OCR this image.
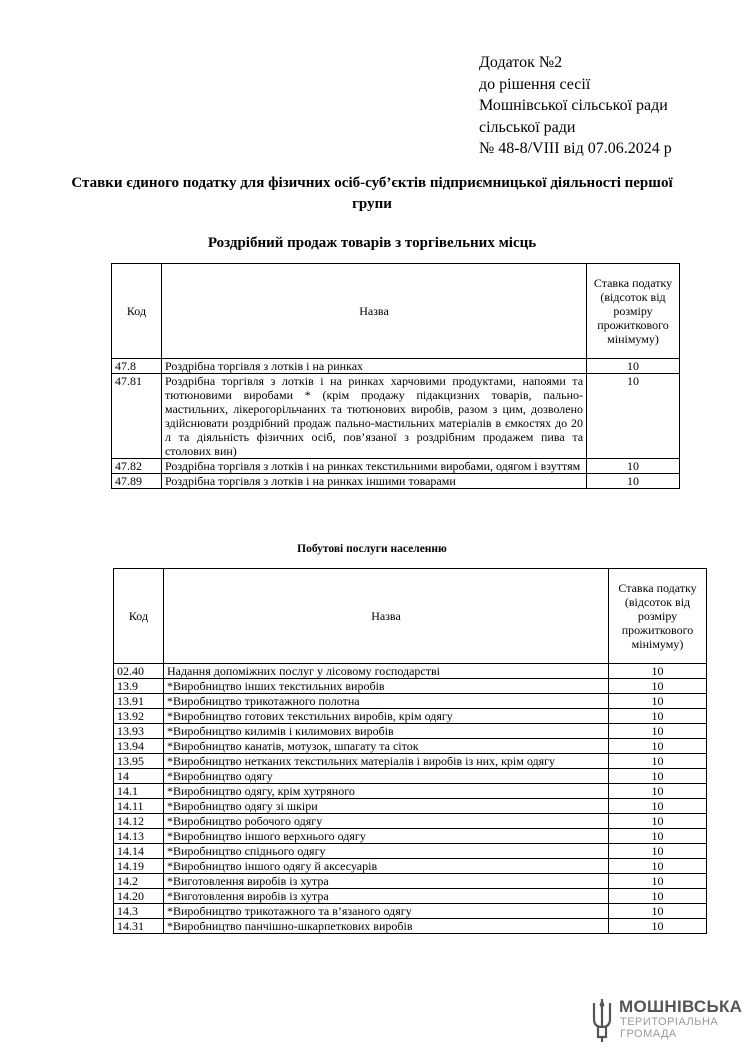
Додаток №2
до рішення сесії
Мошнівської сільської ради
сільської ради
№ 48-8/VIII від 07.06.2024 р
Ставки єдиного податку для фізичних осіб-суб’єктів підприємницької діяльності першої групи
Роздрібний продаж товарів з торгівельних місць
Код	Назва	Ставка податку (відсоток від розміру прожиткового мінімуму)
47.8	Роздрібна торгівля з лотків і на ринках	10
47.81	Роздрібна торгівля з лотків і на ринках харчовими продуктами, напоями та тютюновими виробами * (крім продажу підакцизних товарів, пально-мастильних, лікерогорільчаних та тютюнових виробів, разом з цим, дозволено здійснювати роздрібний продаж пально-мастильних матеріалів в ємкостях до 20 л та діяльність фізичних осіб, пов’язаної з роздрібним продажем пива та столових вин)	10
47.82	Роздрібна торгівля з лотків і на ринках текстильними виробами, одягом і взуттям	10
47.89	Роздрібна торгівля з лотків і на ринках іншими товарами	10
Побутові послуги населенню
Код	Назва	Ставка податку (відсоток від розміру прожиткового мінімуму)
02.40	Надання допоміжних послуг у лісовому господарстві	10
13.9	*Виробництво інших текстильних виробів	10
13.91	*Виробництво трикотажного полотна	10
13.92	*Виробництво готових текстильних виробів, крім одягу	10
13.93	*Виробництво килимів і килимових виробів	10
13.94	*Виробництво канатів, мотузок, шпагату та сіток	10
13.95	*Виробництво нетканих текстильних матеріалів і виробів із них, крім одягу	10
14	*Виробництво одягу	10
14.1	*Виробництво одягу, крім хутряного	10
14.11	*Виробництво одягу зі шкіри	10
14.12	*Виробництво робочого одягу	10
14.13	*Виробництво іншого верхнього одягу	10
14.14	*Виробництво спіднього одягу	10
14.19	*Виробництво іншого одягу й аксесуарів	10
14.2	*Виготовлення виробів із хутра	10
14.20	*Виготовлення виробів із хутра	10
14.3	*Виробництво трикотажного та в’язаного одягу	10
14.31	*Виробництво панчішно-шкарпеткових виробів	10
МОШНІВСЬКА
ТЕРИТОРІАЛЬНА
ГРОМАДА
